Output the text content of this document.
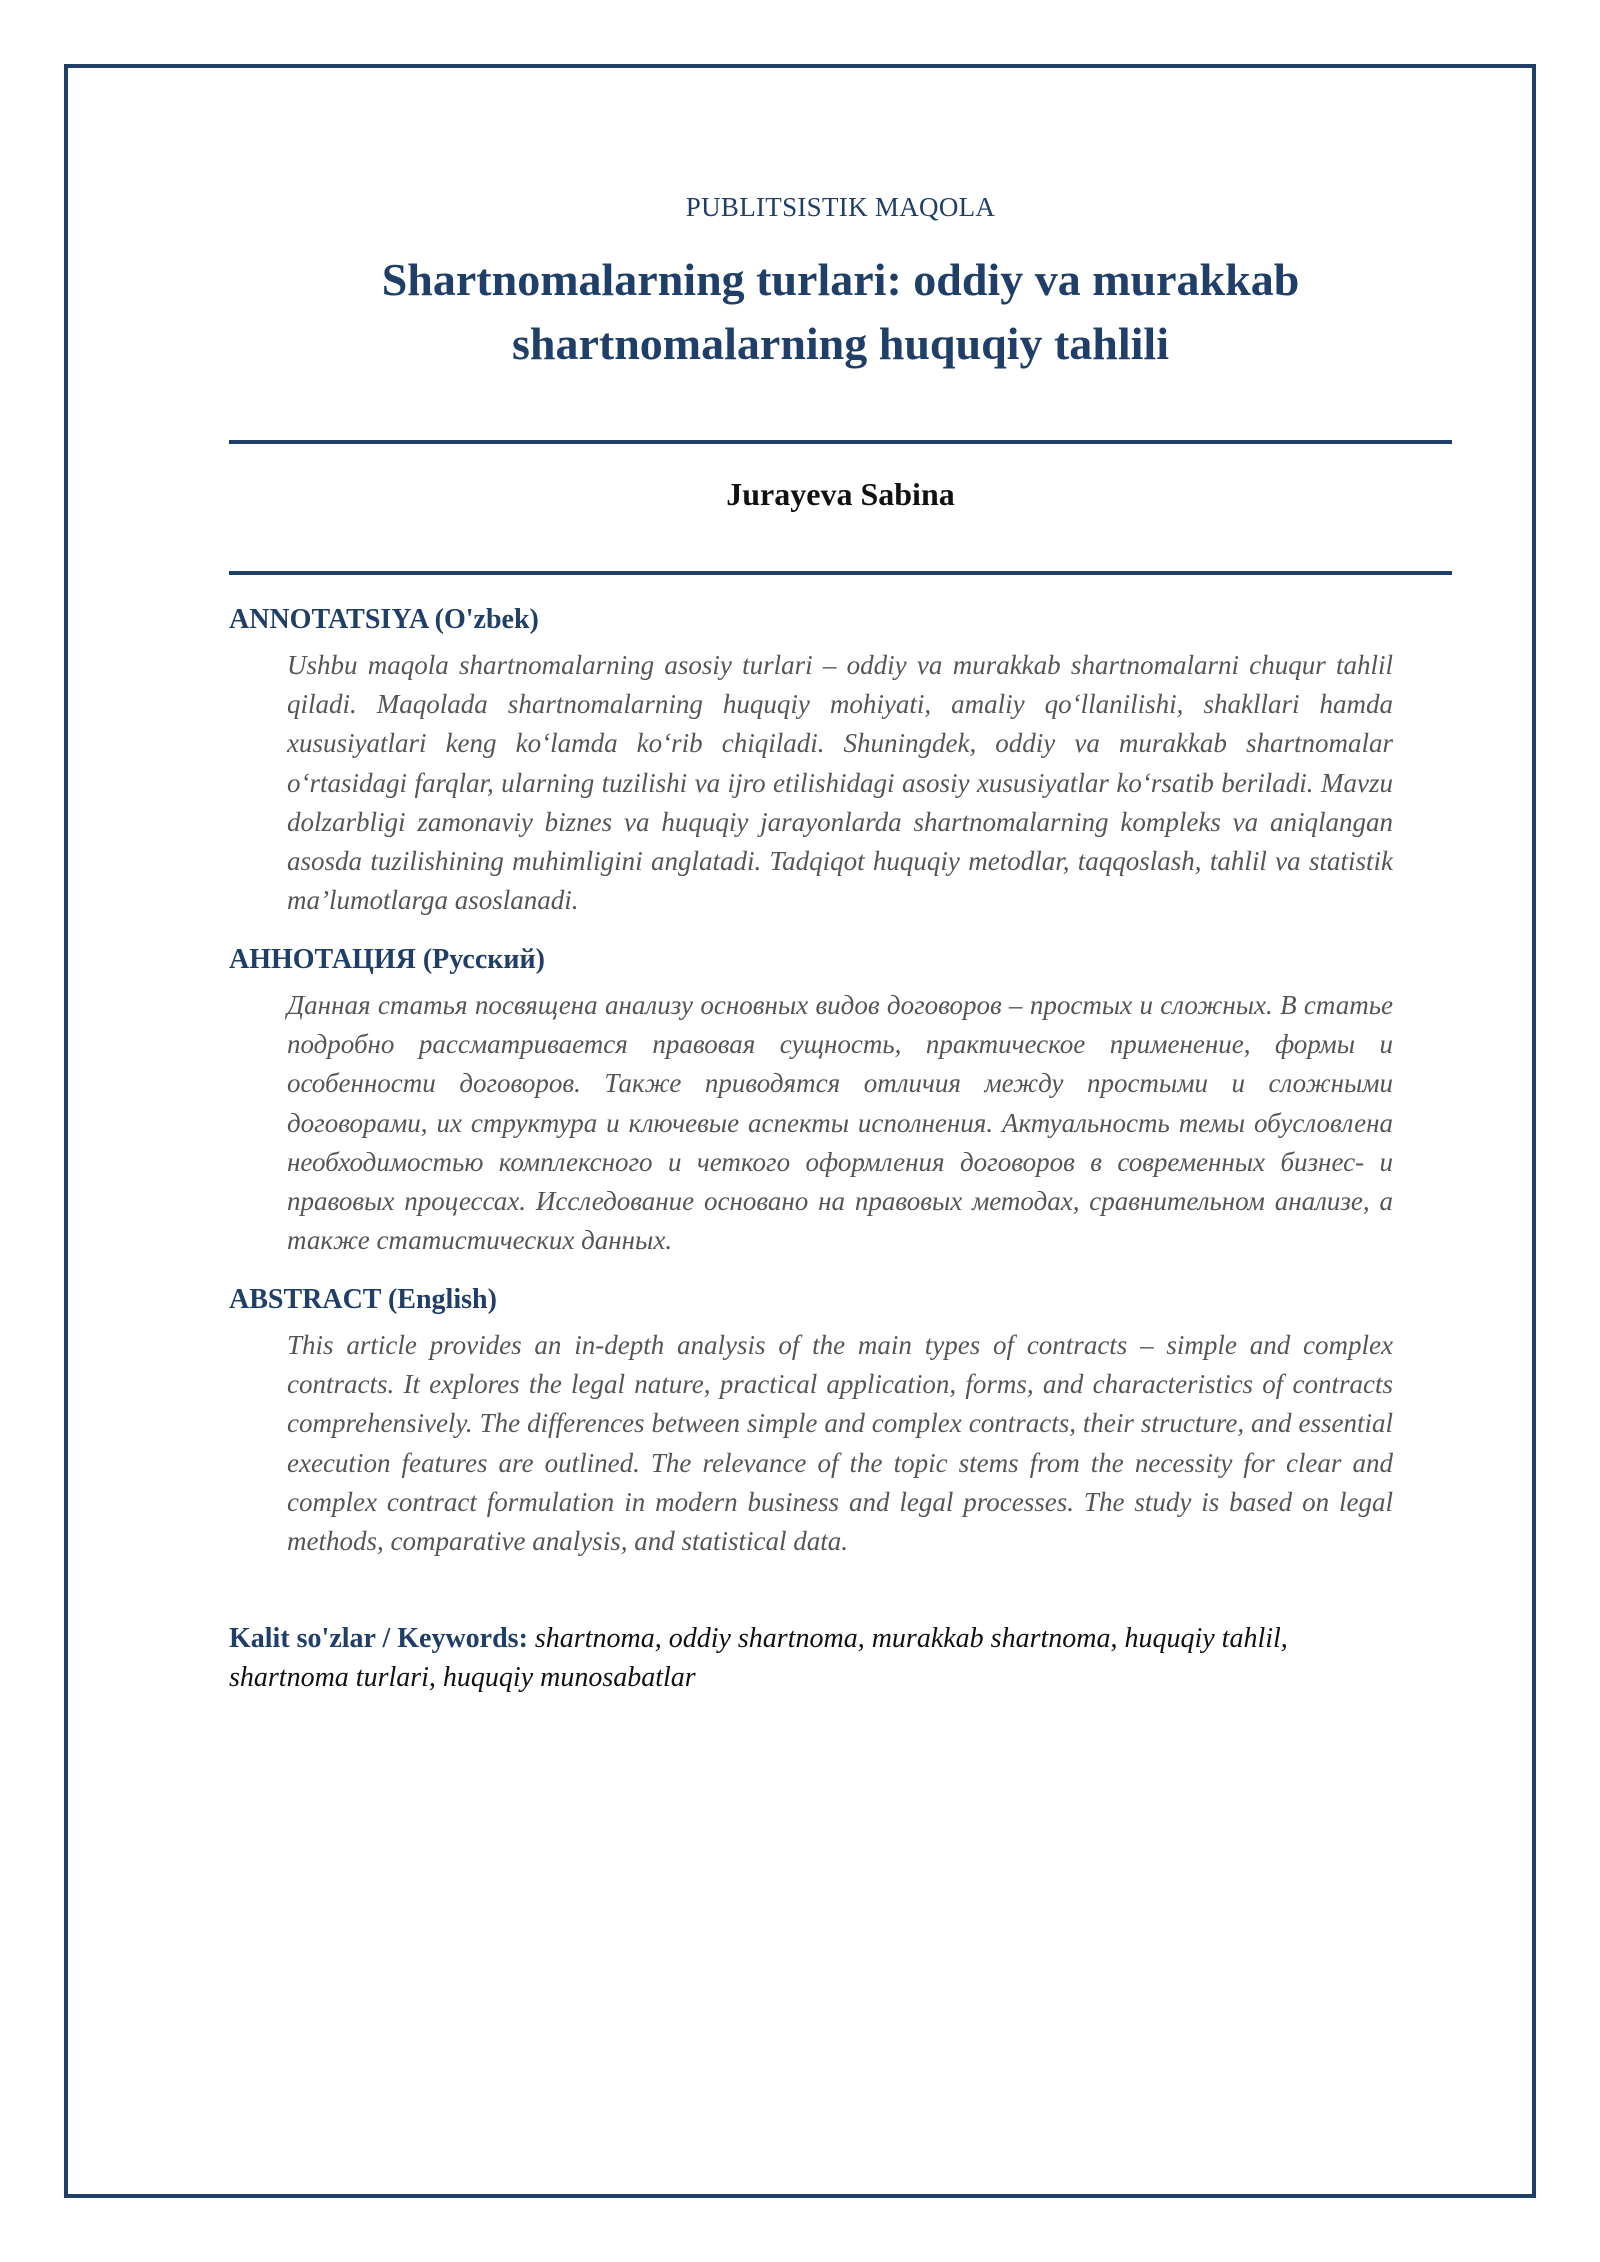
PUBLITSISTIK MAQOLA
Shartnomalarning turlari: oddiy va murakkab shartnomalarning huquqiy tahlili
Jurayeva Sabina
ANNOTATSIYA (O'zbek)

Ushbu maqola shartnomalarning asosiy turlari – oddiy va murakkab shartnomalarni chuqur tahlil qiladi. Maqolada shartnomalarning huquqiy mohiyati, amaliy qo‘llanilishi, shakllari hamda xususiyatlari keng ko‘lamda ko‘rib chiqiladi. Shuningdek, oddiy va murakkab shartnomalar o‘rtasidagi farqlar, ularning tuzilishi va ijro etilishidagi asosiy xususiyatlar ko‘rsatib beriladi. Mavzu dolzarbligi zamonaviy biznes va huquqiy jarayonlarda shartnomalarning kompleks va aniqlangan asosda tuzilishining muhimligini anglatadi. Tadqiqot huquqiy metodlar, taqqoslash, tahlil va statistik ma’lumotlarga asoslanadi.

АННОТАЦИЯ (Русский)

Данная статья посвящена анализу основных видов договоров – простых и сложных. В статье подробно рассматривается правовая сущность, практическое применение, формы и особенности договоров. Также приводятся отличия между простыми и сложными договорами, их структура и ключевые аспекты исполнения. Актуальность темы обусловлена необходимостью комплексного и четкого оформления договоров в современных бизнес- и правовых процессах. Исследование основано на правовых методах, сравнительном анализе, а также статистических данных.

ABSTRACT (English)

This article provides an in-depth analysis of the main types of contracts – simple and complex contracts. It explores the legal nature, practical application, forms, and characteristics of contracts comprehensively. The differences between simple and complex contracts, their structure, and essential execution features are outlined. The relevance of the topic stems from the necessity for clear and complex contract formulation in modern business and legal processes. The study is based on legal methods, comparative analysis, and statistical data.

Kalit so'zlar / Keywords: shartnoma, oddiy shartnoma, murakkab shartnoma, huquqiy tahlil, shartnoma turlari, huquqiy munosabatlar
